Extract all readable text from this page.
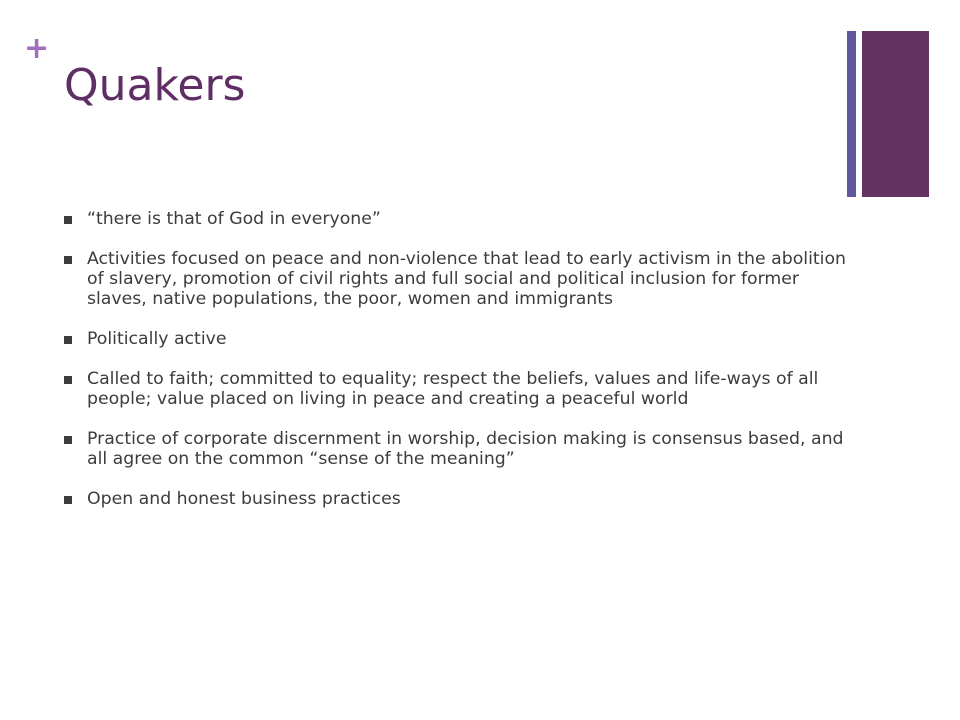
+
Quakers
“there is that of God in everyone”
Activities focused on peace and non-violence that lead to early activism in the abolition of slavery, promotion of civil rights and full social and political inclusion for former slaves, native populations, the poor, women and immigrants
Politically active
Called to faith; committed to equality; respect the beliefs, values and life-ways of all people; value placed on living in peace and creating a peaceful world
Practice of corporate discernment in worship, decision making is consensus based, and all agree on the common “sense of the meaning”
Open and honest business practices
